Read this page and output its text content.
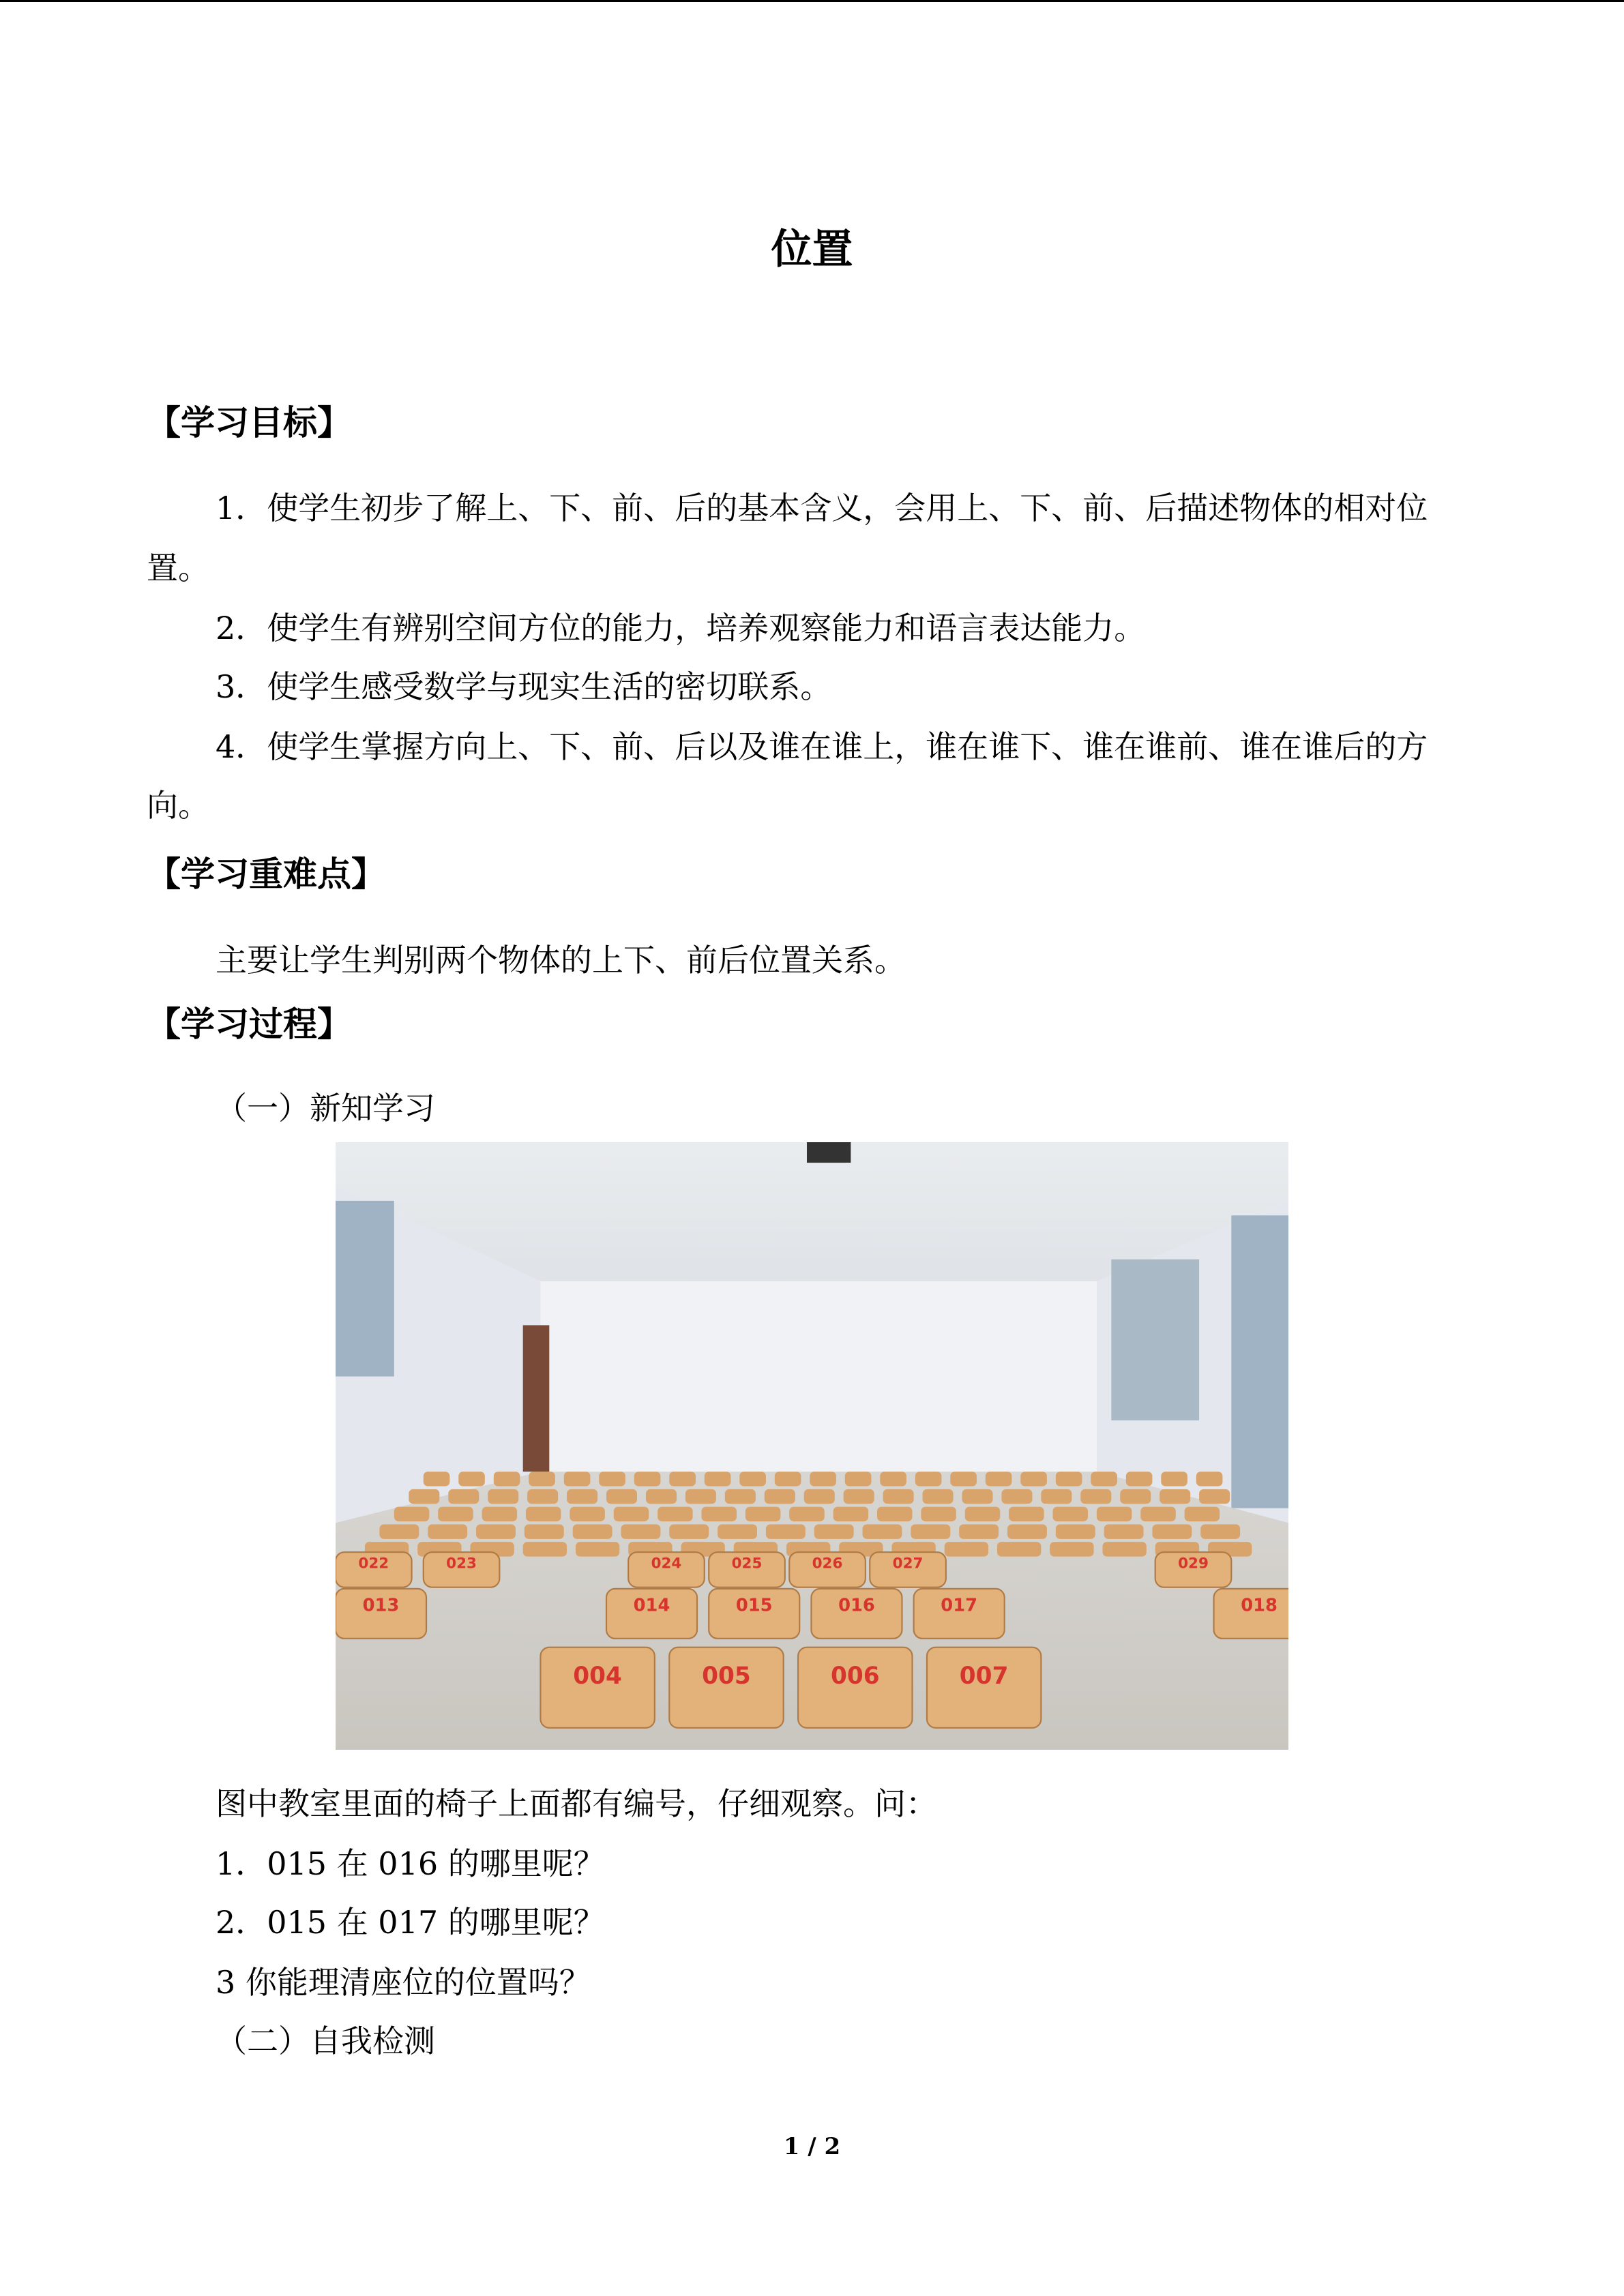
位置
【学习目标】
1．使学生初步了解上、下、前、后的基本含义，会用上、下、前、后描述物体的相对位
置。
2．使学生有辨别空间方位的能力，培养观察能力和语言表达能力。
3．使学生感受数学与现实生活的密切联系。
4．使学生掌握方向上、下、前、后以及谁在谁上，谁在谁下、谁在谁前、谁在谁后的方
向。
【学习重难点】
主要让学生判别两个物体的上下、前后位置关系。
【学习过程】
（一）新知学习
004	005	006	007
013	014	015	016	017	018
022	023	024	025	026	027	029
图中教室里面的椅子上面都有编号，仔细观察。问：
1．015 在 016 的哪里呢？
2．015 在 017 的哪里呢？
3 你能理清座位的位置吗？
（二）自我检测
1 / 2
